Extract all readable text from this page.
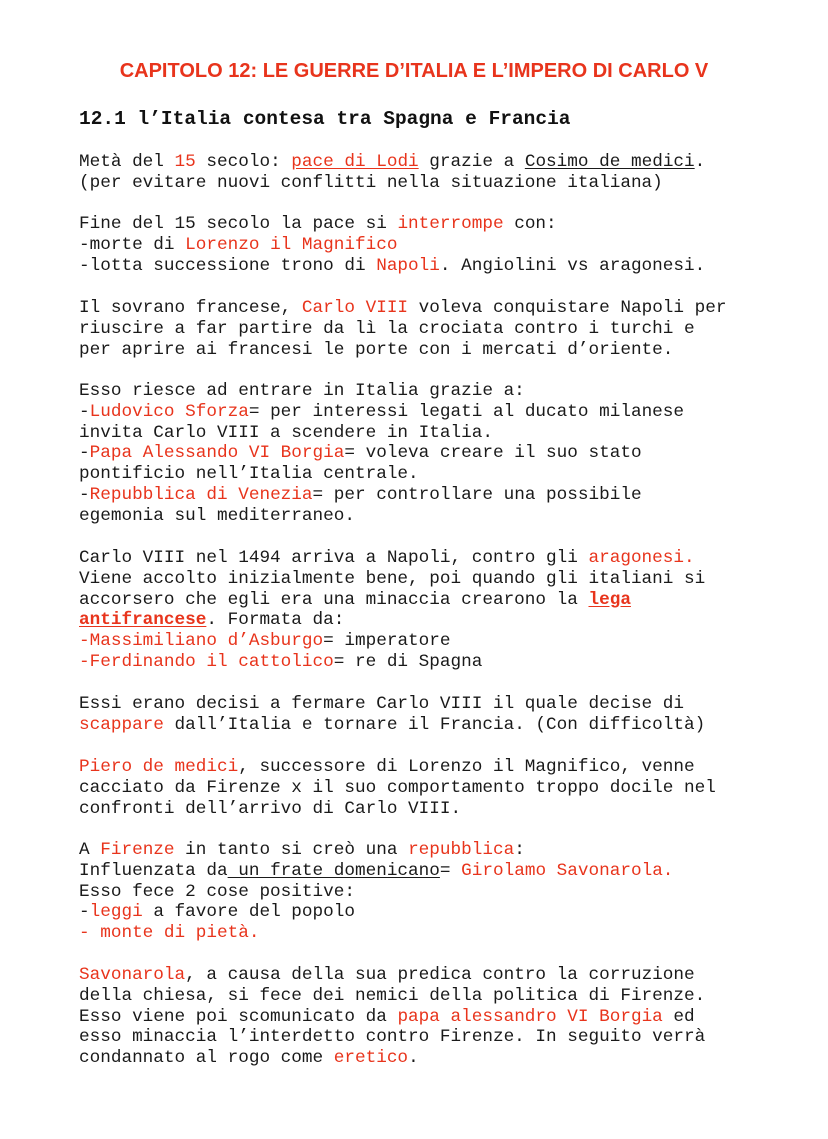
CAPITOLO 12: LE GUERRE D’ITALIA E L’IMPERO DI CARLO V
12.1 l’Italia contesa tra Spagna e Francia
Metà del 15 secolo: pace di Lodi grazie a Cosimo de medici.
(per evitare nuovi conflitti nella situazione italiana)
Fine del 15 secolo la pace si interrompe con:
-morte di Lorenzo il Magnifico
-lotta successione trono di Napoli. Angiolini vs aragonesi.
Il sovrano francese, Carlo VIII voleva conquistare Napoli per
riuscire a far partire da lì la crociata contro i turchi e
per aprire ai francesi le porte con i mercati d’oriente.
Esso riesce ad entrare in Italia grazie a:
-Ludovico Sforza= per interessi legati al ducato milanese
invita Carlo VIII a scendere in Italia.
-Papa Alessando VI Borgia= voleva creare il suo stato
pontificio nell’Italia centrale.
-Repubblica di Venezia= per controllare una possibile
egemonia sul mediterraneo.
Carlo VIII nel 1494 arriva a Napoli, contro gli aragonesi.
Viene accolto inizialmente bene, poi quando gli italiani si
accorsero che egli era una minaccia crearono la lega
antifrancese. Formata da:
-Massimiliano d’Asburgo= imperatore
-Ferdinando il cattolico= re di Spagna
Essi erano decisi a fermare Carlo VIII il quale decise di
scappare dall’Italia e tornare il Francia. (Con difficoltà)
Piero de medici, successore di Lorenzo il Magnifico, venne
cacciato da Firenze x il suo comportamento troppo docile nel
confronti dell’arrivo di Carlo VIII.
A Firenze in tanto si creò una repubblica:
Influenzata da un frate domenicano= Girolamo Savonarola.
Esso fece 2 cose positive:
-leggi a favore del popolo
- monte di pietà.
Savonarola, a causa della sua predica contro la corruzione
della chiesa, si fece dei nemici della politica di Firenze.
Esso viene poi scomunicato da papa alessandro VI Borgia ed
esso minaccia l’interdetto contro Firenze. In seguito verrà
condannato al rogo come eretico.
